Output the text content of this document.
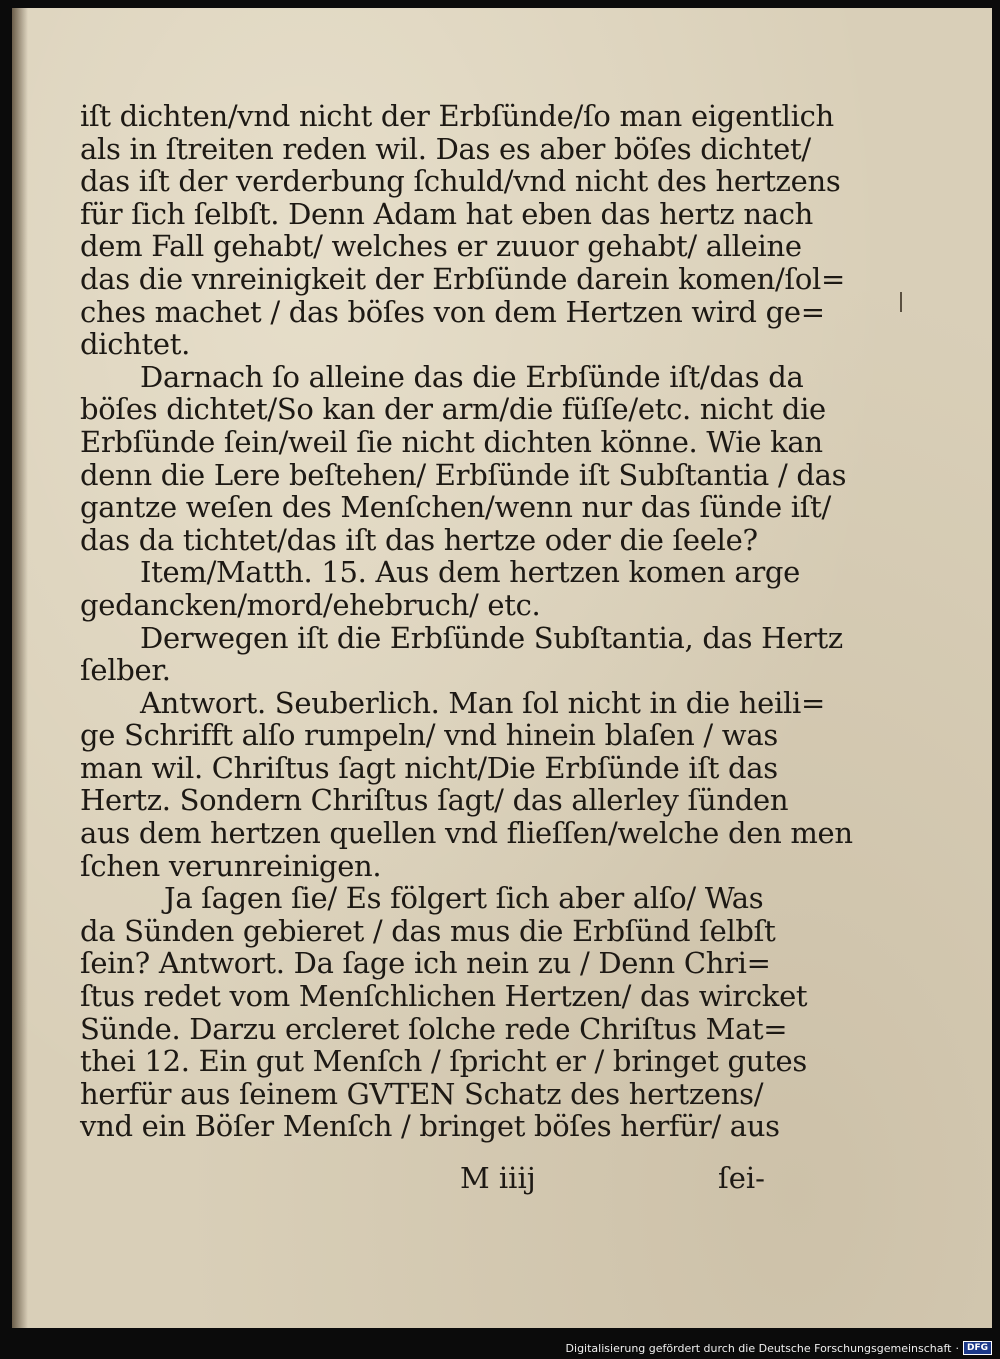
iſt dichten/vnd nicht der Erbſünde/ſo man eigentlich
als in ſtreiten reden wil. Das es aber böſes dichtet/
das iſt der verderbung ſchuld/vnd nicht des hertzens
für ſich ſelbſt. Denn Adam hat eben das hertz nach
dem Fall gehabt/ welches er zuuor gehabt/ alleine
das die vnreinigkeit der Erbſünde darein komen/ſol=
ches machet / das böſes von dem Hertzen wird ge=
dichtet.
Darnach ſo alleine das die Erbſünde iſt/das da
böſes dichtet/So kan der arm/die füſſe/etc. nicht die
Erbſünde ſein/weil ſie nicht dichten könne. Wie kan
denn die Lere beſtehen/ Erbſünde iſt Subſtantia / das
gantze weſen des Menſchen/wenn nur das ſünde iſt/
das da tichtet/das iſt das hertze oder die ſeele?
Item/Matth. 15. Aus dem hertzen komen arge
gedancken/mord/ehebruch/ etc.
Derwegen iſt die Erbſünde Subſtantia, das Hertz
ſelber.
Antwort. Seuberlich. Man ſol nicht in die heili=
ge Schrifft alſo rumpeln/ vnd hinein blaſen / was
man wil. Chriſtus ſagt nicht/Die Erbſünde iſt das
Hertz. Sondern Chriſtus ſagt/ das allerley ſünden
aus dem hertzen quellen vnd flieſſen/welche den men
ſchen verunreinigen.
Ja ſagen ſie/ Es fölgert ſich aber alſo/ Was
da Sünden gebieret / das mus die Erbſünd ſelbſt
ſein? Antwort. Da ſage ich nein zu / Denn Chri=
ſtus redet vom Menſchlichen Hertzen/ das wircket
Sünde. Darzu ercleret ſolche rede Chriſtus Mat=
thei 12. Ein gut Menſch / ſpricht er / bringet gutes
herfür aus ſeinem GVTEN Schatz des hertzens/
vnd ein Böſer Menſch / bringet böſes herfür/ aus
M iiij	ſei-
Digitalisierung gefördert durch die Deutsche Forschungsgemeinschaft · DFG
